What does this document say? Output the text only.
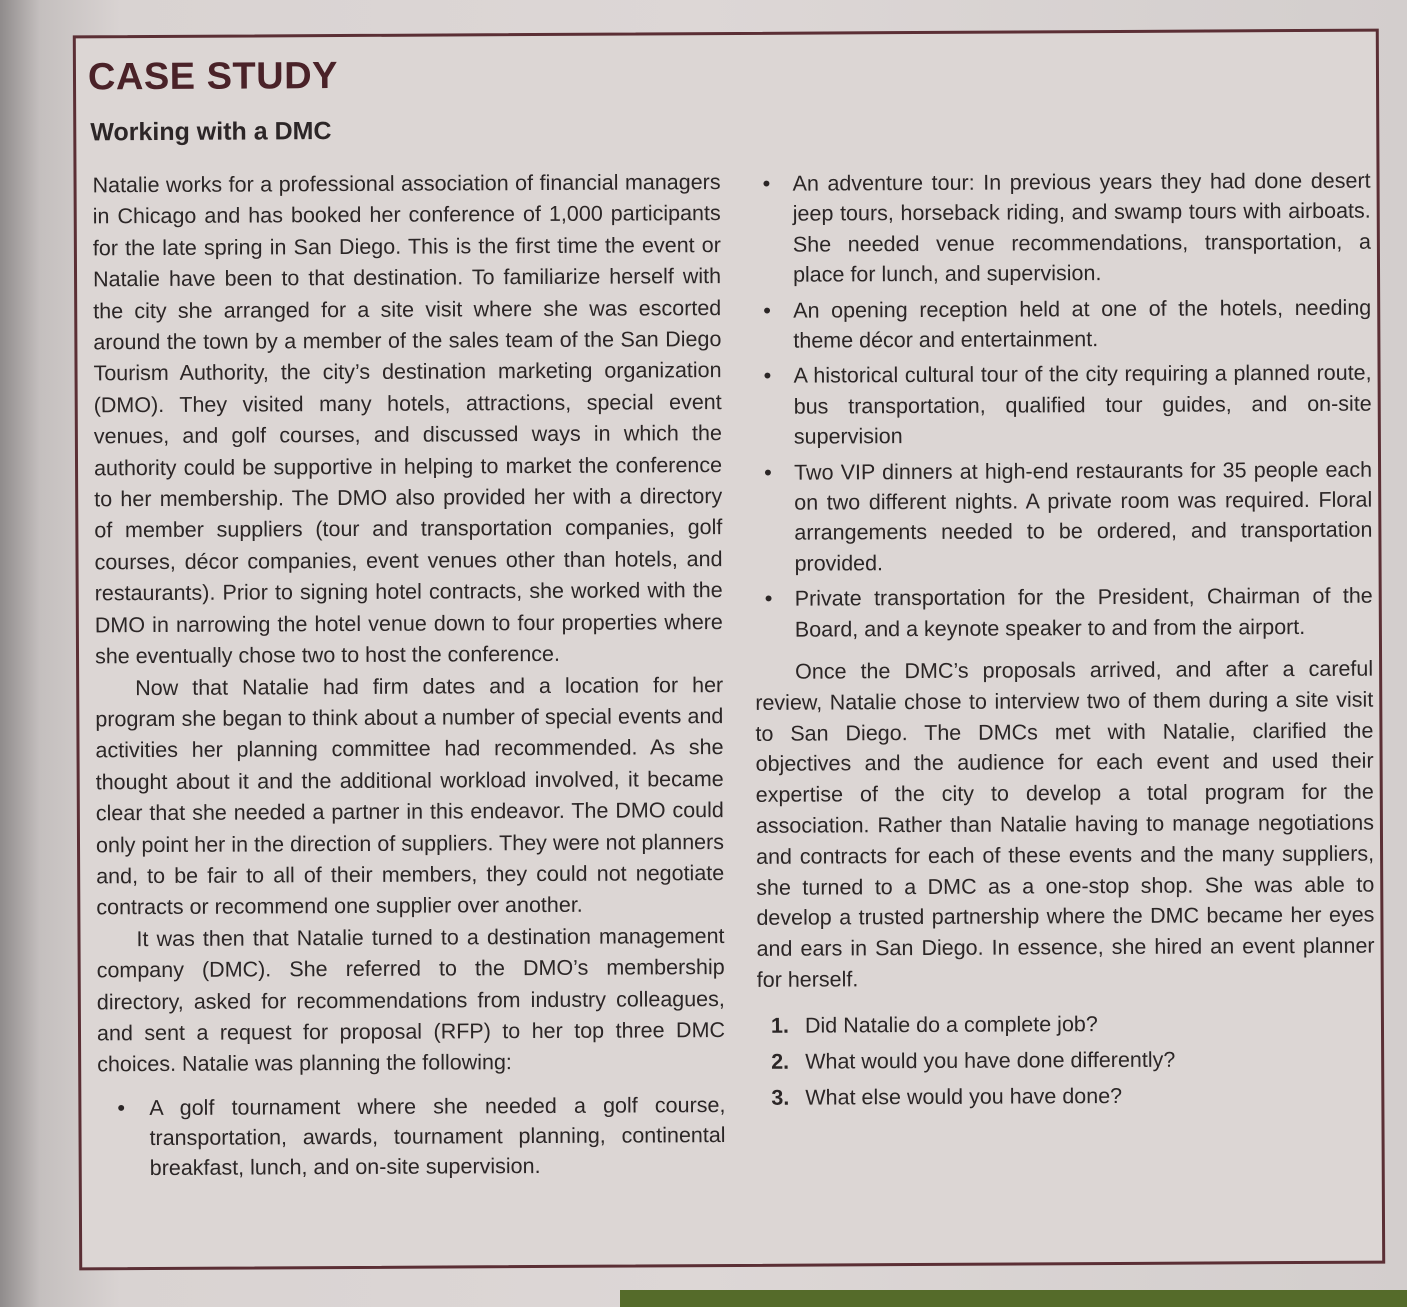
CASE STUDY
Working with a DMC

Natalie works for a professional association of financial managers in Chicago and has booked her conference of 1,000 participants for the late spring in San Diego. This is the first time the event or Natalie have been to that destination. To familiarize herself with the city she arranged for a site visit where she was escorted around the town by a member of the sales team of the San Diego Tourism Authority, the city’s destination marketing organization (DMO). They visited many hotels, attractions, special event venues, and golf courses, and discussed ways in which the authority could be supportive in helping to market the conference to her membership. The DMO also provided her with a directory of member suppliers (tour and transportation companies, golf courses, décor companies, event venues other than hotels, and restaurants). Prior to signing hotel contracts, she worked with the DMO in narrowing the hotel venue down to four properties where she eventually chose two to host the conference.

Now that Natalie had firm dates and a location for her program she began to think about a number of special events and activities her planning committee had recommended. As she thought about it and the additional workload involved, it became clear that she needed a partner in this endeavor. The DMO could only point her in the direction of suppliers. They were not planners and, to be fair to all of their members, they could not negotiate contracts or recommend one supplier over another.

It was then that Natalie turned to a destination management company (DMC). She referred to the DMO’s membership directory, asked for recommendations from industry colleagues, and sent a request for proposal (RFP) to her top three DMC choices. Natalie was planning the following:

• A golf tournament where she needed a golf course, transportation, awards, tournament planning, continental breakfast, lunch, and on-site supervision.
• An adventure tour: In previous years they had done desert jeep tours, horseback riding, and swamp tours with airboats. She needed venue recommendations, transportation, a place for lunch, and supervision.
• An opening reception held at one of the hotels, needing theme décor and entertainment.
• A historical cultural tour of the city requiring a planned route, bus transportation, qualified tour guides, and on-site supervision
• Two VIP dinners at high-end restaurants for 35 people each on two different nights. A private room was required. Floral arrangements needed to be ordered, and transportation provided.
• Private transportation for the President, Chairman of the Board, and a keynote speaker to and from the airport.

Once the DMC’s proposals arrived, and after a careful review, Natalie chose to interview two of them during a site visit to San Diego. The DMCs met with Natalie, clarified the objectives and the audience for each event and used their expertise of the city to develop a total program for the association. Rather than Natalie having to manage negotiations and contracts for each of these events and the many suppliers, she turned to a DMC as a one-stop shop. She was able to develop a trusted partnership where the DMC became her eyes and ears in San Diego. In essence, she hired an event planner for herself.

1. Did Natalie do a complete job?
2. What would you have done differently?
3. What else would you have done?
